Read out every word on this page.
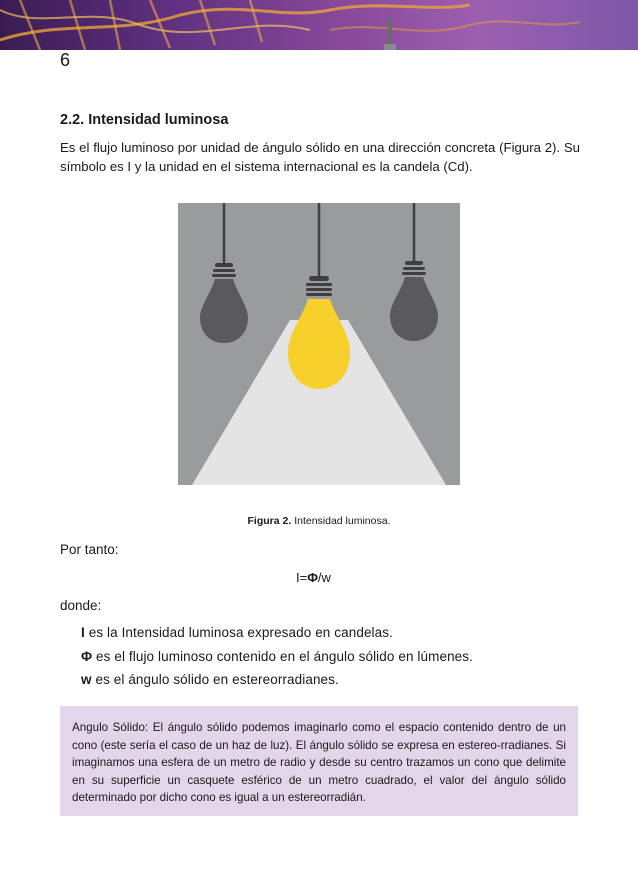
6
2.2. Intensidad luminosa
Es el flujo luminoso por unidad de ángulo sólido en una dirección concreta (Figura 2). Su símbolo es I y la unidad en el sistema internacional es la candela (Cd).
Figura 2. Intensidad luminosa.
Por tanto:
I=Φ/w
donde:
I es la Intensidad luminosa expresado en candelas.
Φ es el flujo luminoso contenido en el ángulo sólido en lúmenes.
w es el ángulo sólido en estereorradianes.

Angulo Sólido: El ángulo sólido podemos imaginarlo como el espacio contenido dentro de un cono (este sería el caso de un haz de luz). El ángulo sólido se expresa en estereo-rradianes. Si imaginamos una esfera de un metro de radio y desde su centro trazamos un cono que delimite en su superficie un casquete esférico de un metro cuadrado, el valor del ángulo sólido determinado por dicho cono es igual a un estereorradián.
